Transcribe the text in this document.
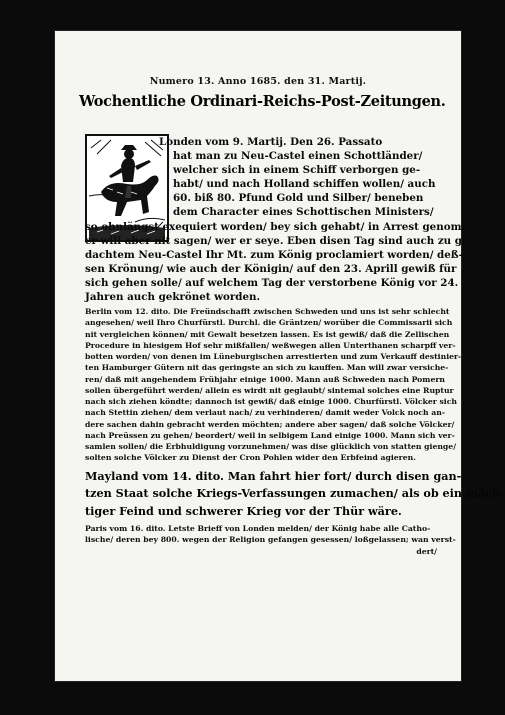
Numero 13. Anno 1685. den 31. Martij.
Wochentliche Ordinari-Reichs-Post-Zeitungen.
Londen vom 9. Martij. Den 26. Passato
hat man zu Neu-Castel einen Schottländer/
welcher sich in einem Schiff verborgen ge-
habt/ und nach Holland schiffen wollen/ auch
60. biß 80. Pfund Gold und Silber/ beneben
dem Character eines Schottischen Ministers/
so ohnlängst exequiert worden/ bey sich gehabt/ in Arrest genommen/
er will aber nit sagen/ wer er seye. Eben disen Tag sind auch zu ge-
dachtem Neu-Castel Ihr Mt. zum König proclamiert worden/ deß-
sen Krönung/ wie auch der Königin/ auf den 23. Aprill gewiß für
sich gehen solle/ auf welchem Tag der verstorbene König vor 24.
Jahren auch gekrönet worden.
Berlin vom 12. dito. Die Freündschafft zwischen Schweden und uns ist sehr schlecht
angesehen/ weil Ihro Churfürstl. Durchl. die Gräntzen/ worüber die Commissarii sich
nit vergleichen können/ mit Gewalt besetzen lassen. Es ist gewiß/ daß die Zellischen
Procedure in hiesigem Hof sehr mißfallen/ weßwegen allen Unterthanen scharpff ver-
botten worden/ von denen im Lüneburgischen arrestierten und zum Verkauff destinier-
ten Hamburger Gütern nit das geringste an sich zu kauffen. Man will zwar versiche-
ren/ daß mit angehendem Frühjahr einige 1000. Mann auß Schweden nach Pomern
sollen übergeführt werden/ allein es wirdt nit geglaubt/ sintemal solches eine Ruptur
nach sich ziehen köndte; dannoch ist gewiß/ daß einige 1000. Churfürstl. Völcker sich
nach Stettin ziehen/ dem verlaut nach/ zu verhinderen/ damit weder Volck noch an-
dere sachen dahin gebracht werden möchten; andere aber sagen/ daß solche Völcker/
nach Preüssen zu gehen/ beordert/ weil in selbigem Land einige 1000. Mann sich ver-
samlen sollen/ die Erbhuldigung vorzunehmen/ was dise glücklich von statten gienge/
solten solche Völcker zu Dienst der Cron Pohlen wider den Erbfeind agieren.
Mayland vom 14. dito. Man fahrt hier fort/ durch disen gan-
tzen Staat solche Kriegs-Verfassungen zumachen/ als ob ein mäch-
tiger Feind und schwerer Krieg vor der Thür wäre.
Paris vom 16. dito. Letste Brieff von Londen melden/ der König habe alle Catho-
lische/ deren bey 800. wegen der Religion gefangen gesessen/ loßgelassen; wan verst-
dert/
